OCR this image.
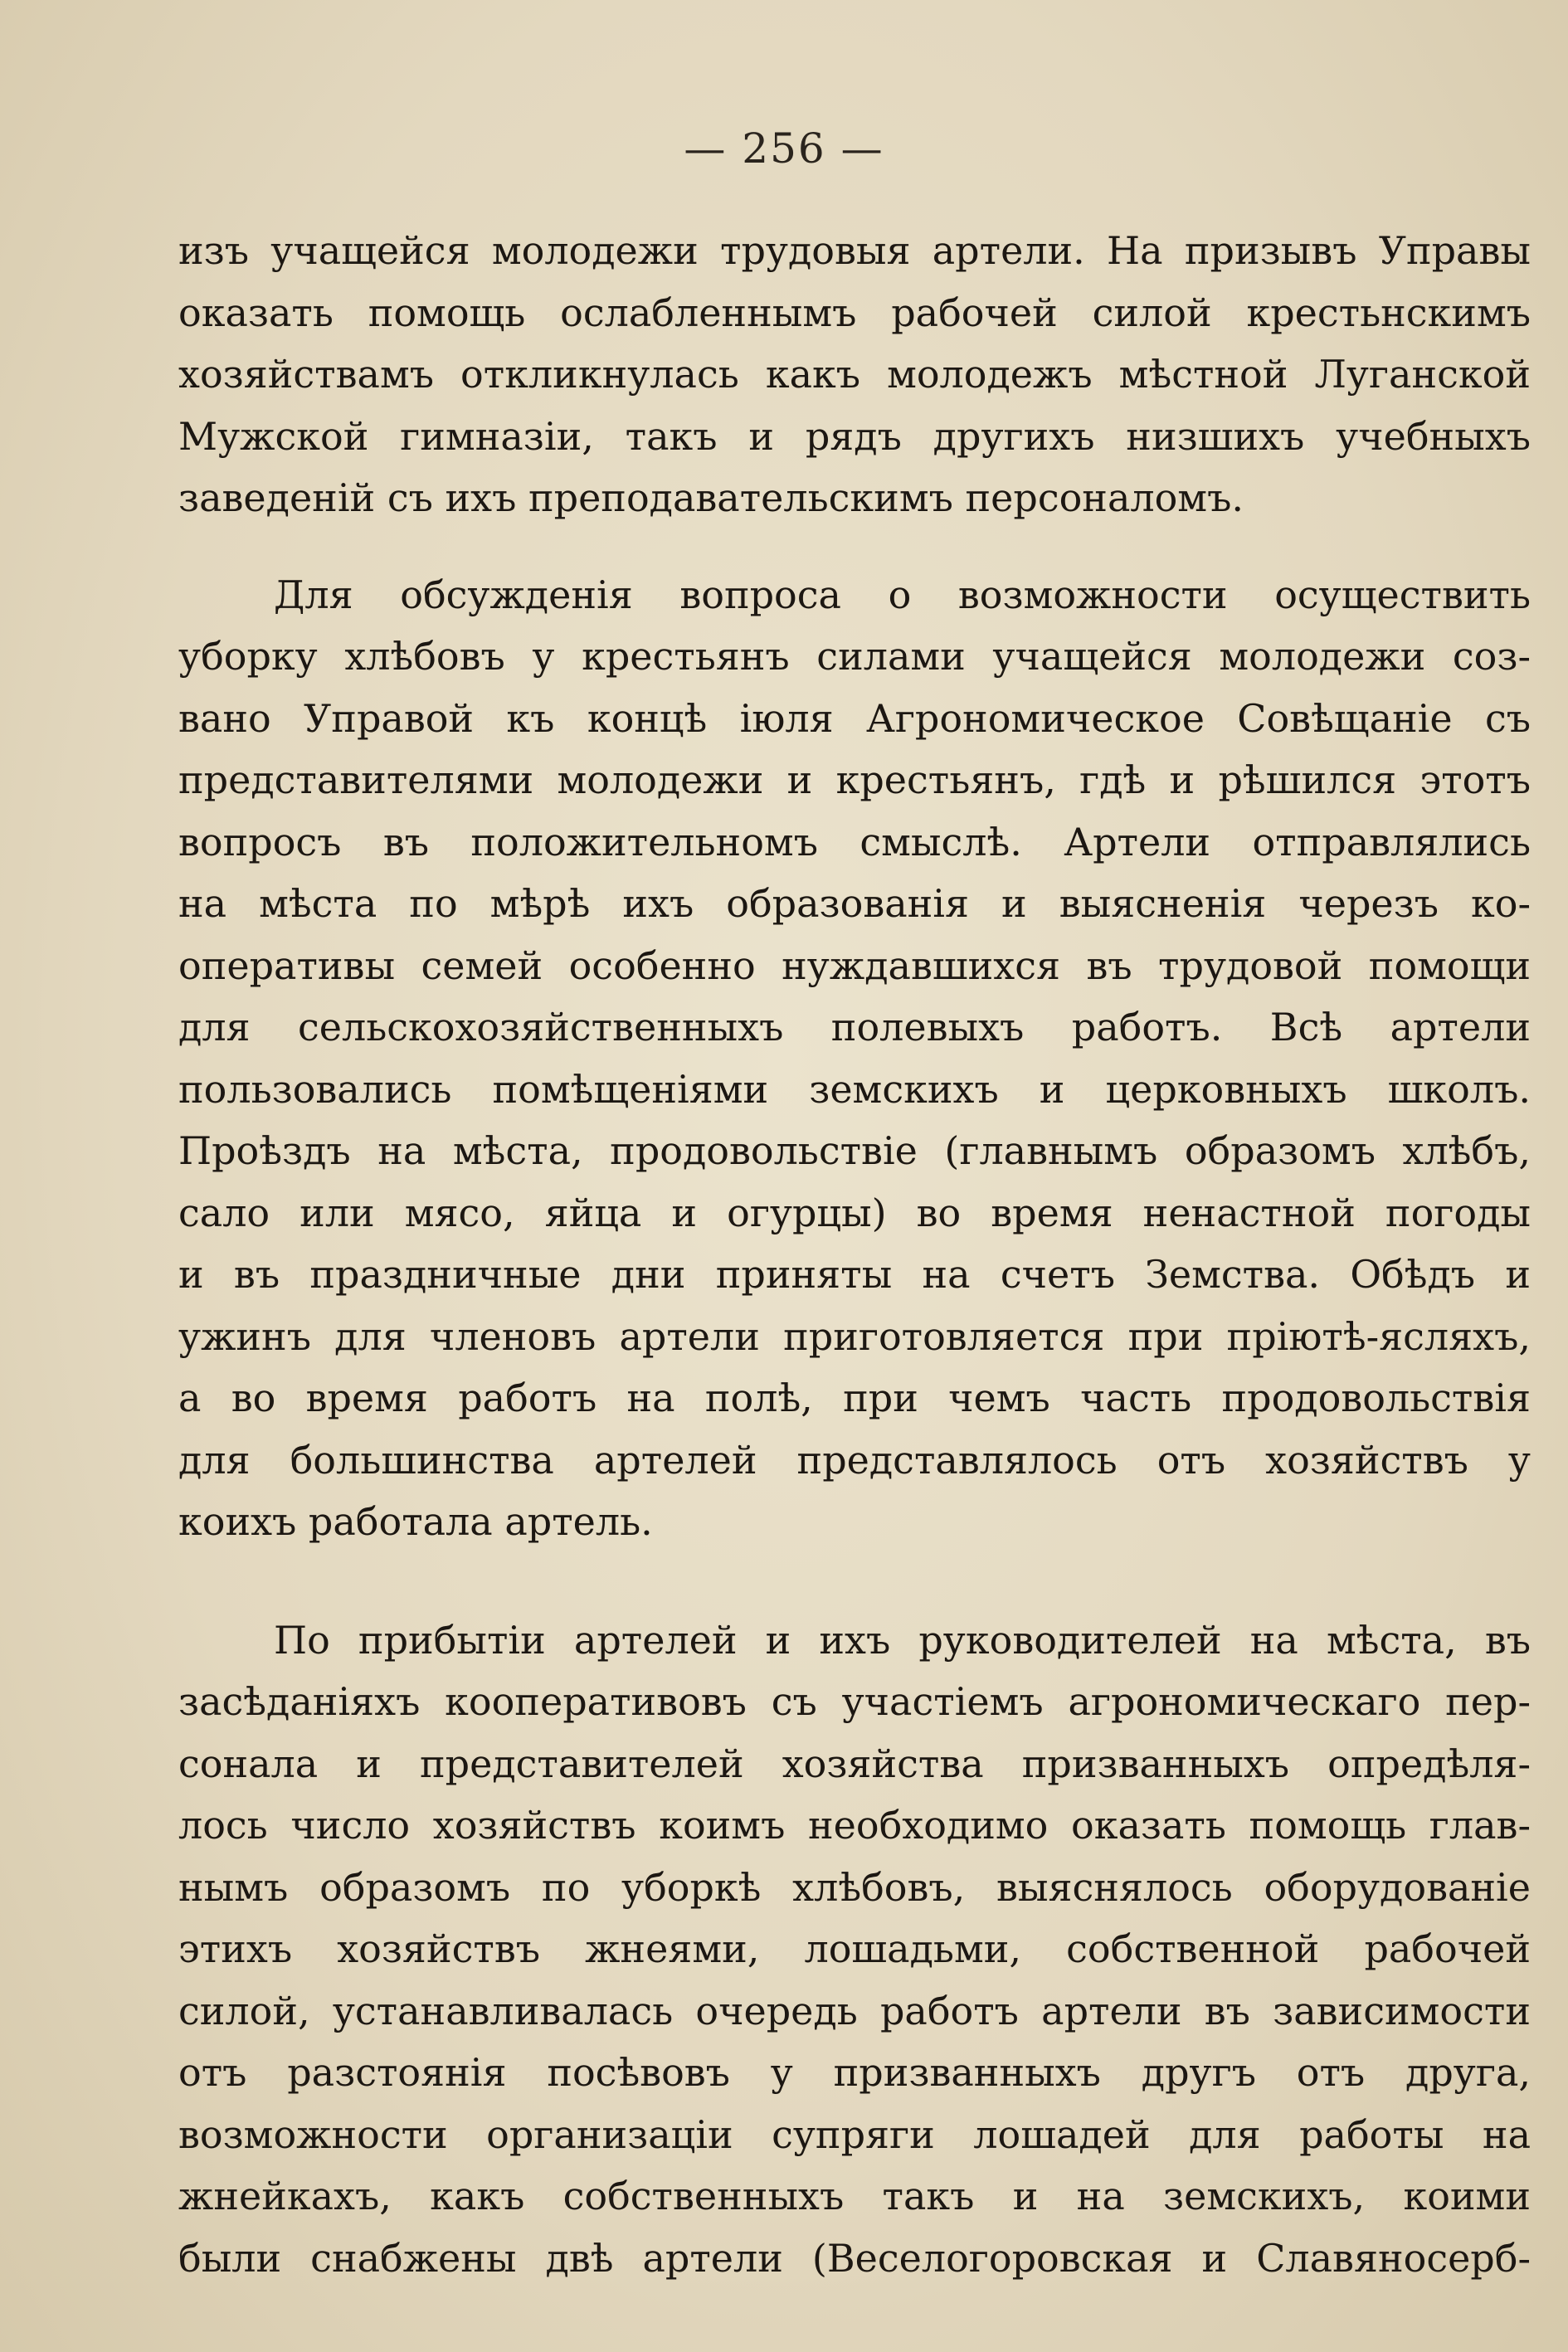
— 256 —
изъ учащейся молодежи трудовыя артели. На призывъ Управы
оказать помощь ослабленнымъ рабочей силой крестьнскимъ
хозяйствамъ откликнулась какъ молодежъ мѣстной Луганской
Мужской гимназiи, такъ и рядъ другихъ низшихъ учебныхъ
заведенiй съ ихъ преподавательскимъ персоналомъ.
Для обсужденiя вопроса о возможности осуществить
уборку хлѣбовъ у крестьянъ силами учащейся молодежи соз-
вано Управой къ концѣ iюля Агрономическое Совѣщанiе съ
представителями молодежи и крестьянъ, гдѣ и рѣшился этотъ
вопросъ въ положительномъ смыслѣ. Артели отправлялись
на мѣста по мѣрѣ ихъ образованiя и выясненiя черезъ ко-
оперативы семей особенно нуждавшихся въ трудовой помощи
для сельскохозяйственныхъ полевыхъ работъ. Всѣ артели
пользовались помѣщенiями земскихъ и церковныхъ школъ.
Проѣздъ на мѣста, продовольствiе (главнымъ образомъ хлѣбъ,
сало или мясо, яйца и огурцы) во время ненастной погоды
и въ праздничные дни приняты на счетъ Земства. Обѣдъ и
ужинъ для членовъ артели приготовляется при прiютѣ-ясляхъ,
а во время работъ на полѣ, при чемъ часть продовольствiя
для большинства артелей представлялось отъ хозяйствъ у
коихъ работала артель.
По прибытiи артелей и ихъ руководителей на мѣста, въ
засѣданiяхъ кооперативовъ съ участiемъ агрономическаго пер-
сонала и представителей хозяйства призванныхъ опредѣля-
лось число хозяйствъ коимъ необходимо оказать помощь глав-
нымъ образомъ по уборкѣ хлѣбовъ, выяснялось оборудованiе
этихъ хозяйствъ жнеями, лошадьми, собственной рабочей
силой, устанавливалась очередь работъ артели въ зависимости
отъ разстоянiя посѣвовъ у призванныхъ другъ отъ друга,
возможности организацiи супряги лошадей для работы на
жнейкахъ, какъ собственныхъ такъ и на земскихъ, коими
были снабжены двѣ артели (Веселогоровская и Славяносерб-
